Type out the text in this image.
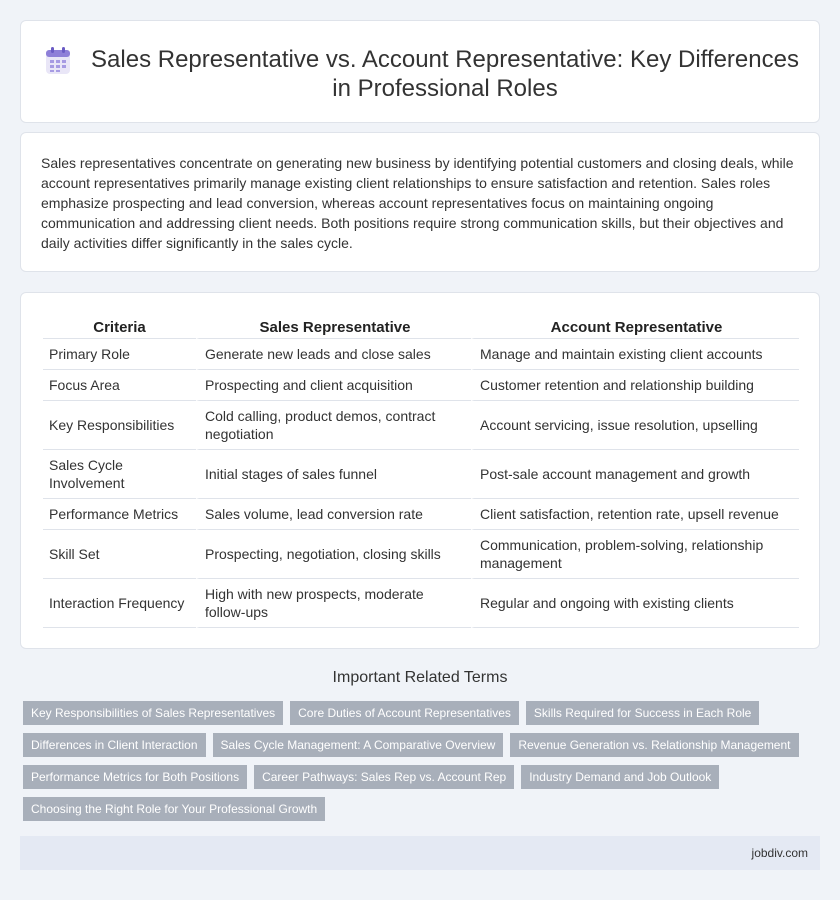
Sales Representative vs. Account Representative: Key Differences in Professional Roles

Sales representatives concentrate on generating new business by identifying potential customers and closing deals, while account representatives primarily manage existing client relationships to ensure satisfaction and retention. Sales roles emphasize prospecting and lead conversion, whereas account representatives focus on maintaining ongoing communication and addressing client needs. Both positions require strong communication skills, but their objectives and daily activities differ significantly in the sales cycle.

Criteria	Sales Representative	Account Representative
Primary Role	Generate new leads and close sales	Manage and maintain existing client accounts
Focus Area	Prospecting and client acquisition	Customer retention and relationship building
Key Responsibilities	Cold calling, product demos, contract negotiation	Account servicing, issue resolution, upselling
Sales Cycle Involvement	Initial stages of sales funnel	Post-sale account management and growth
Performance Metrics	Sales volume, lead conversion rate	Client satisfaction, retention rate, upsell revenue
Skill Set	Prospecting, negotiation, closing skills	Communication, problem-solving, relationship management
Interaction Frequency	High with new prospects, moderate follow-ups	Regular and ongoing with existing clients
Important Related Terms
Key Responsibilities of Sales Representatives	Core Duties of Account Representatives	Skills Required for Success in Each Role
Differences in Client Interaction	Sales Cycle Management: A Comparative Overview	Revenue Generation vs. Relationship Management
Performance Metrics for Both Positions	Career Pathways: Sales Rep vs. Account Rep	Industry Demand and Job Outlook
Choosing the Right Role for Your Professional Growth
jobdiv.com
